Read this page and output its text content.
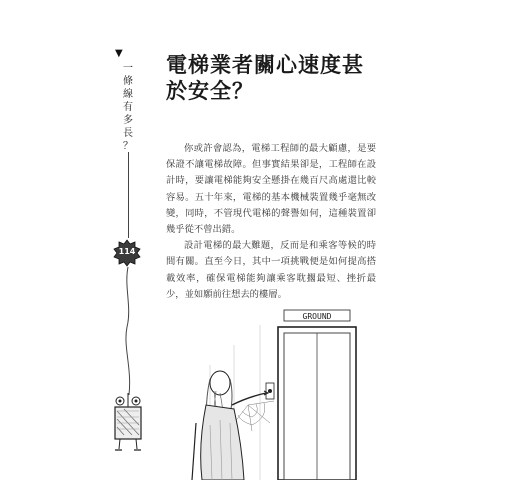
▼
一
條
線
有
多
長
？
114
電梯業者關心速度甚
於安全？

你或許會認為，電梯工程師的最大顧慮，是要保證不讓電梯故障。但事實結果卻是，工程師在設計時，要讓電梯能夠安全懸掛在幾百尺高處還比較容易。五十年來，電梯的基本機械裝置幾乎毫無改變，同時，不管現代電梯的聲譽如何，這種裝置卻幾乎從不曾出錯。

設計電梯的最大難題，反而是和乘客等候的時間有關。直至今日，其中一項挑戰便是如何提高搭載效率，確保電梯能夠讓乘客耽擱最短、挫折最少，並如願前往想去的樓層。

GROUND
